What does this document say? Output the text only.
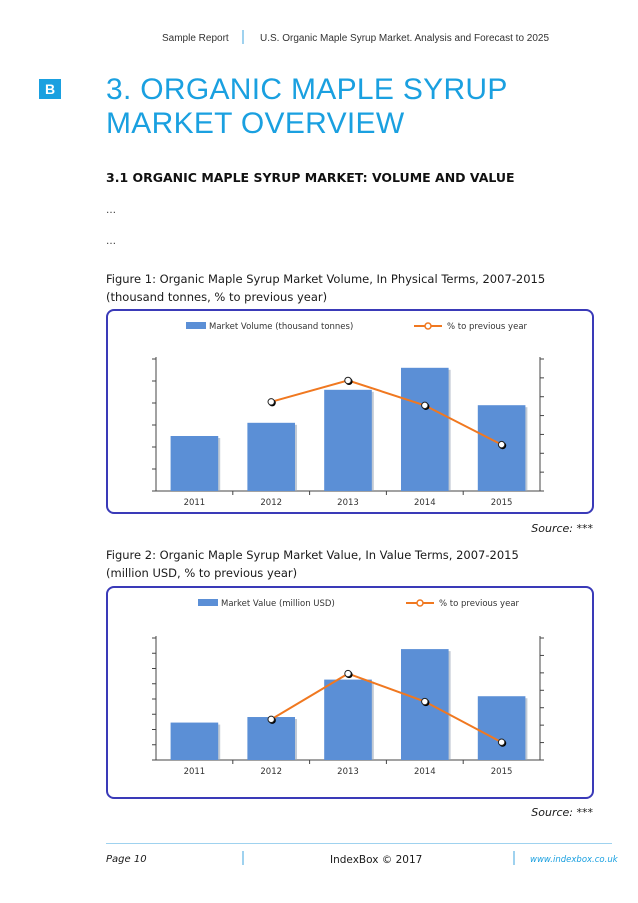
Sample Report	U.S. Organic Maple Syrup Market. Analysis and Forecast to 2025
B 3. ORGANIC MAPLE SYRUP
MARKET OVERVIEW
3.1 ORGANIC MAPLE SYRUP MARKET: VOLUME AND VALUE
…
…
Figure 1: Organic Maple Syrup Market Volume, In Physical Terms, 2007-2015
(thousand tonnes, % to previous year)
Market Volume (thousand tonnes)	% to previous year
2011	2012	2013	2014	2015
Source: ***
Figure 2: Organic Maple Syrup Market Value, In Value Terms, 2007-2015
(million USD, % to previous year)
Market Value (million USD)	% to previous year
2011	2012	2013	2014	2015
Source: ***
Page 10	IndexBox © 2017	www.indexbox.co.uk
